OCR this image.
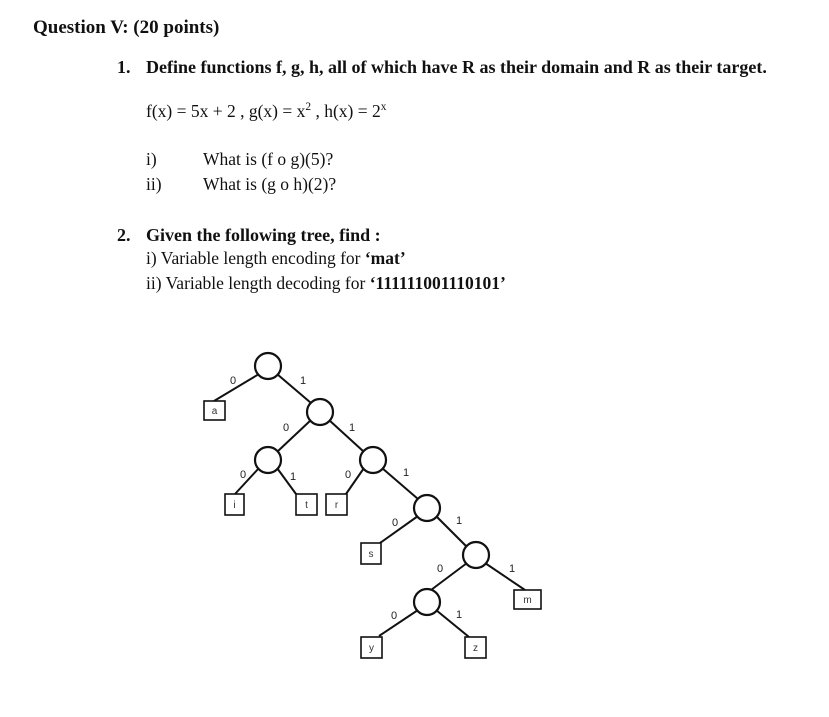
Question V: (20 points)
1. Define functions f, g, h, all of which have R as their domain and R as their target.
f(x) = 5x + 2 , $g(x) = x^2$ , $h(x) = 2^x$
i)	What is (f o g)(5)?
ii) What is (g o h)(2)?
2. Given the following tree, find :
i) Variable length encoding for ‘mat’
ii) Variable length decoding for ‘111111001110101’
0	1
0	1
0	1	0	1
0	1
0	1
0	1
a
i	t	r
s
m
y	z
